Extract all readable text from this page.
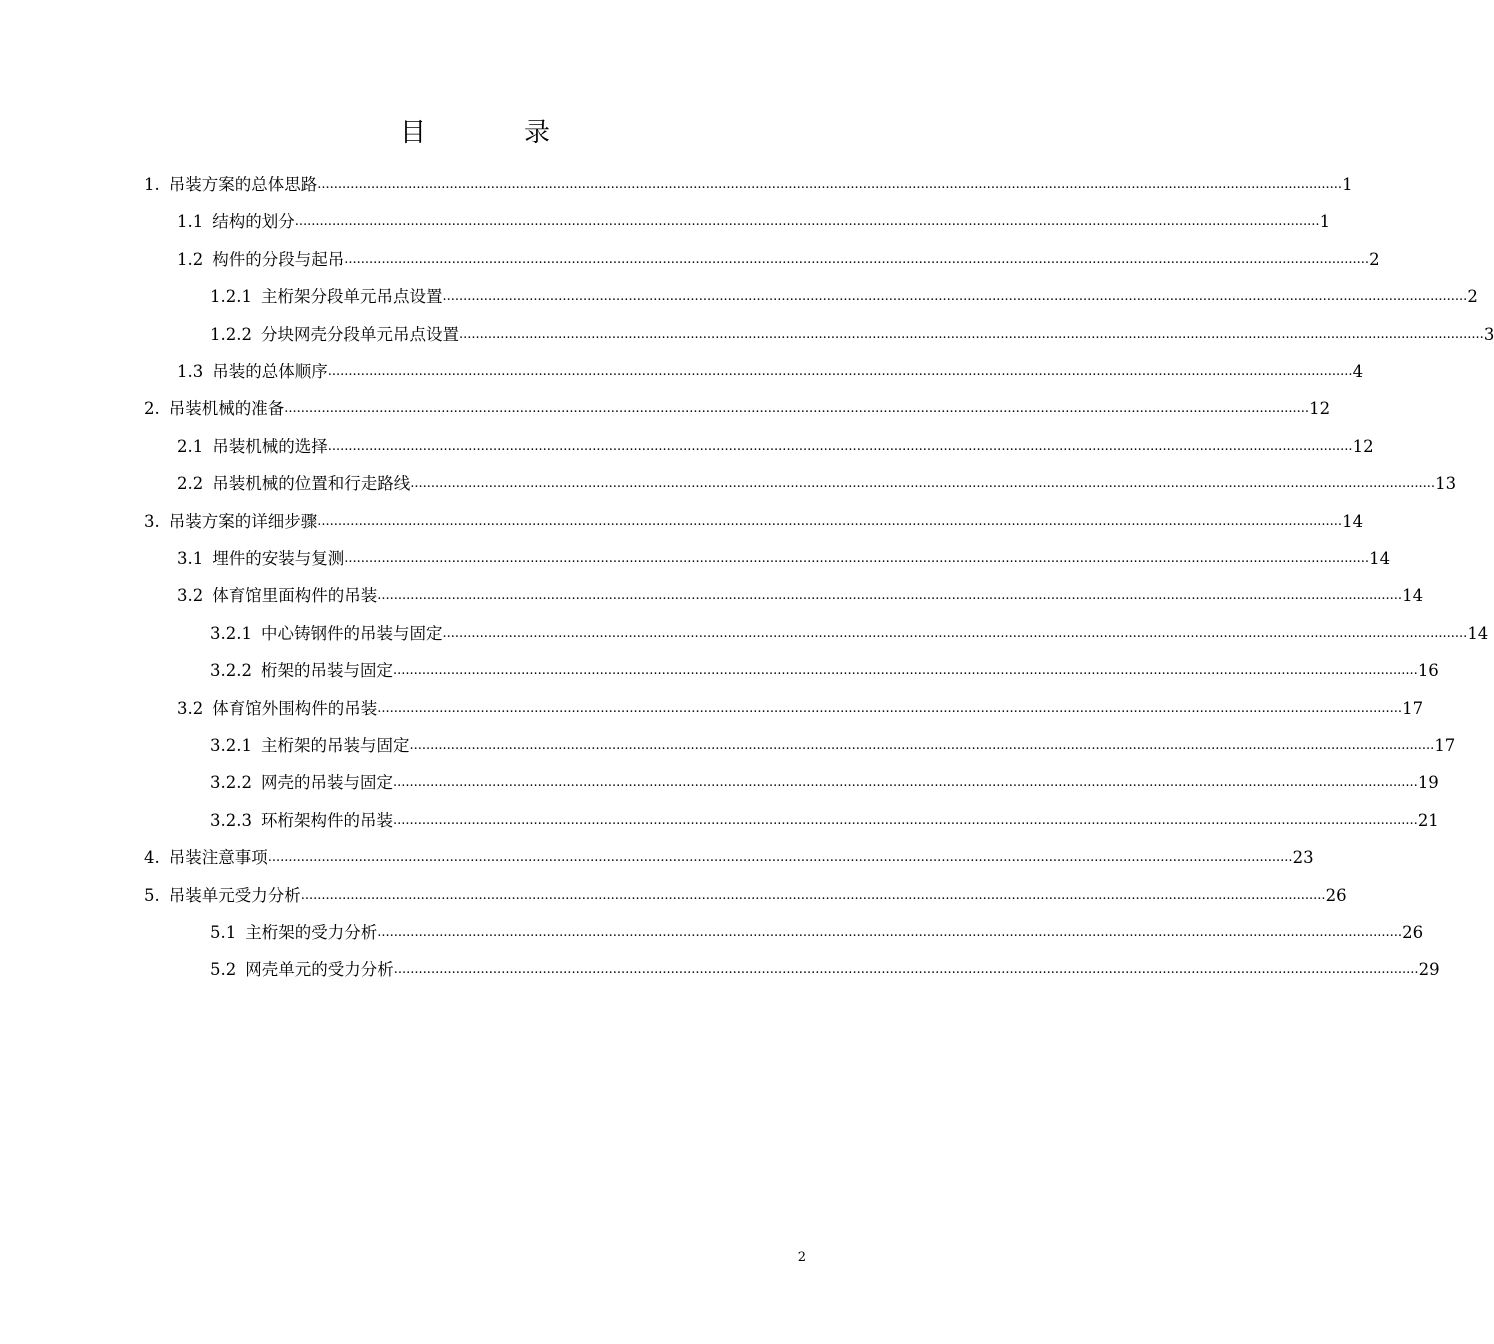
目　录
1. 吊装方案的总体思路 ........................................................................................................................................................................................................................................................ 1
1.1 结构的划分 ........................................................................................................................................................................................................................................................ 1
1.2 构件的分段与起吊 ........................................................................................................................................................................................................................................................ 2
1.2.1 主桁架分段单元吊点设置 ........................................................................................................................................................................................................................................................ 2
1.2.2 分块网壳分段单元吊点设置 ........................................................................................................................................................................................................................................................ 3
1.3 吊装的总体顺序 ........................................................................................................................................................................................................................................................ 4
2. 吊装机械的准备 ........................................................................................................................................................................................................................................................ 12
2.1 吊装机械的选择 ........................................................................................................................................................................................................................................................ 12
2.2 吊装机械的位置和行走路线 ........................................................................................................................................................................................................................................................ 13
3. 吊装方案的详细步骤 ........................................................................................................................................................................................................................................................ 14
3.1 埋件的安装与复测 ........................................................................................................................................................................................................................................................ 14
3.2 体育馆里面构件的吊装 ........................................................................................................................................................................................................................................................ 14
3.2.1 中心铸钢件的吊装与固定 ........................................................................................................................................................................................................................................................ 14
3.2.2 桁架的吊装与固定 ........................................................................................................................................................................................................................................................ 16
3.2 体育馆外围构件的吊装 ........................................................................................................................................................................................................................................................ 17
3.2.1 主桁架的吊装与固定 ........................................................................................................................................................................................................................................................ 17
3.2.2 网壳的吊装与固定 ........................................................................................................................................................................................................................................................ 19
3.2.3 环桁架构件的吊装 ........................................................................................................................................................................................................................................................ 21
4. 吊装注意事项 ........................................................................................................................................................................................................................................................ 23
5. 吊装单元受力分析 ........................................................................................................................................................................................................................................................ 26
5.1 主桁架的受力分析 ........................................................................................................................................................................................................................................................ 26
5.2 网壳单元的受力分析 ........................................................................................................................................................................................................................................................ 29
2
